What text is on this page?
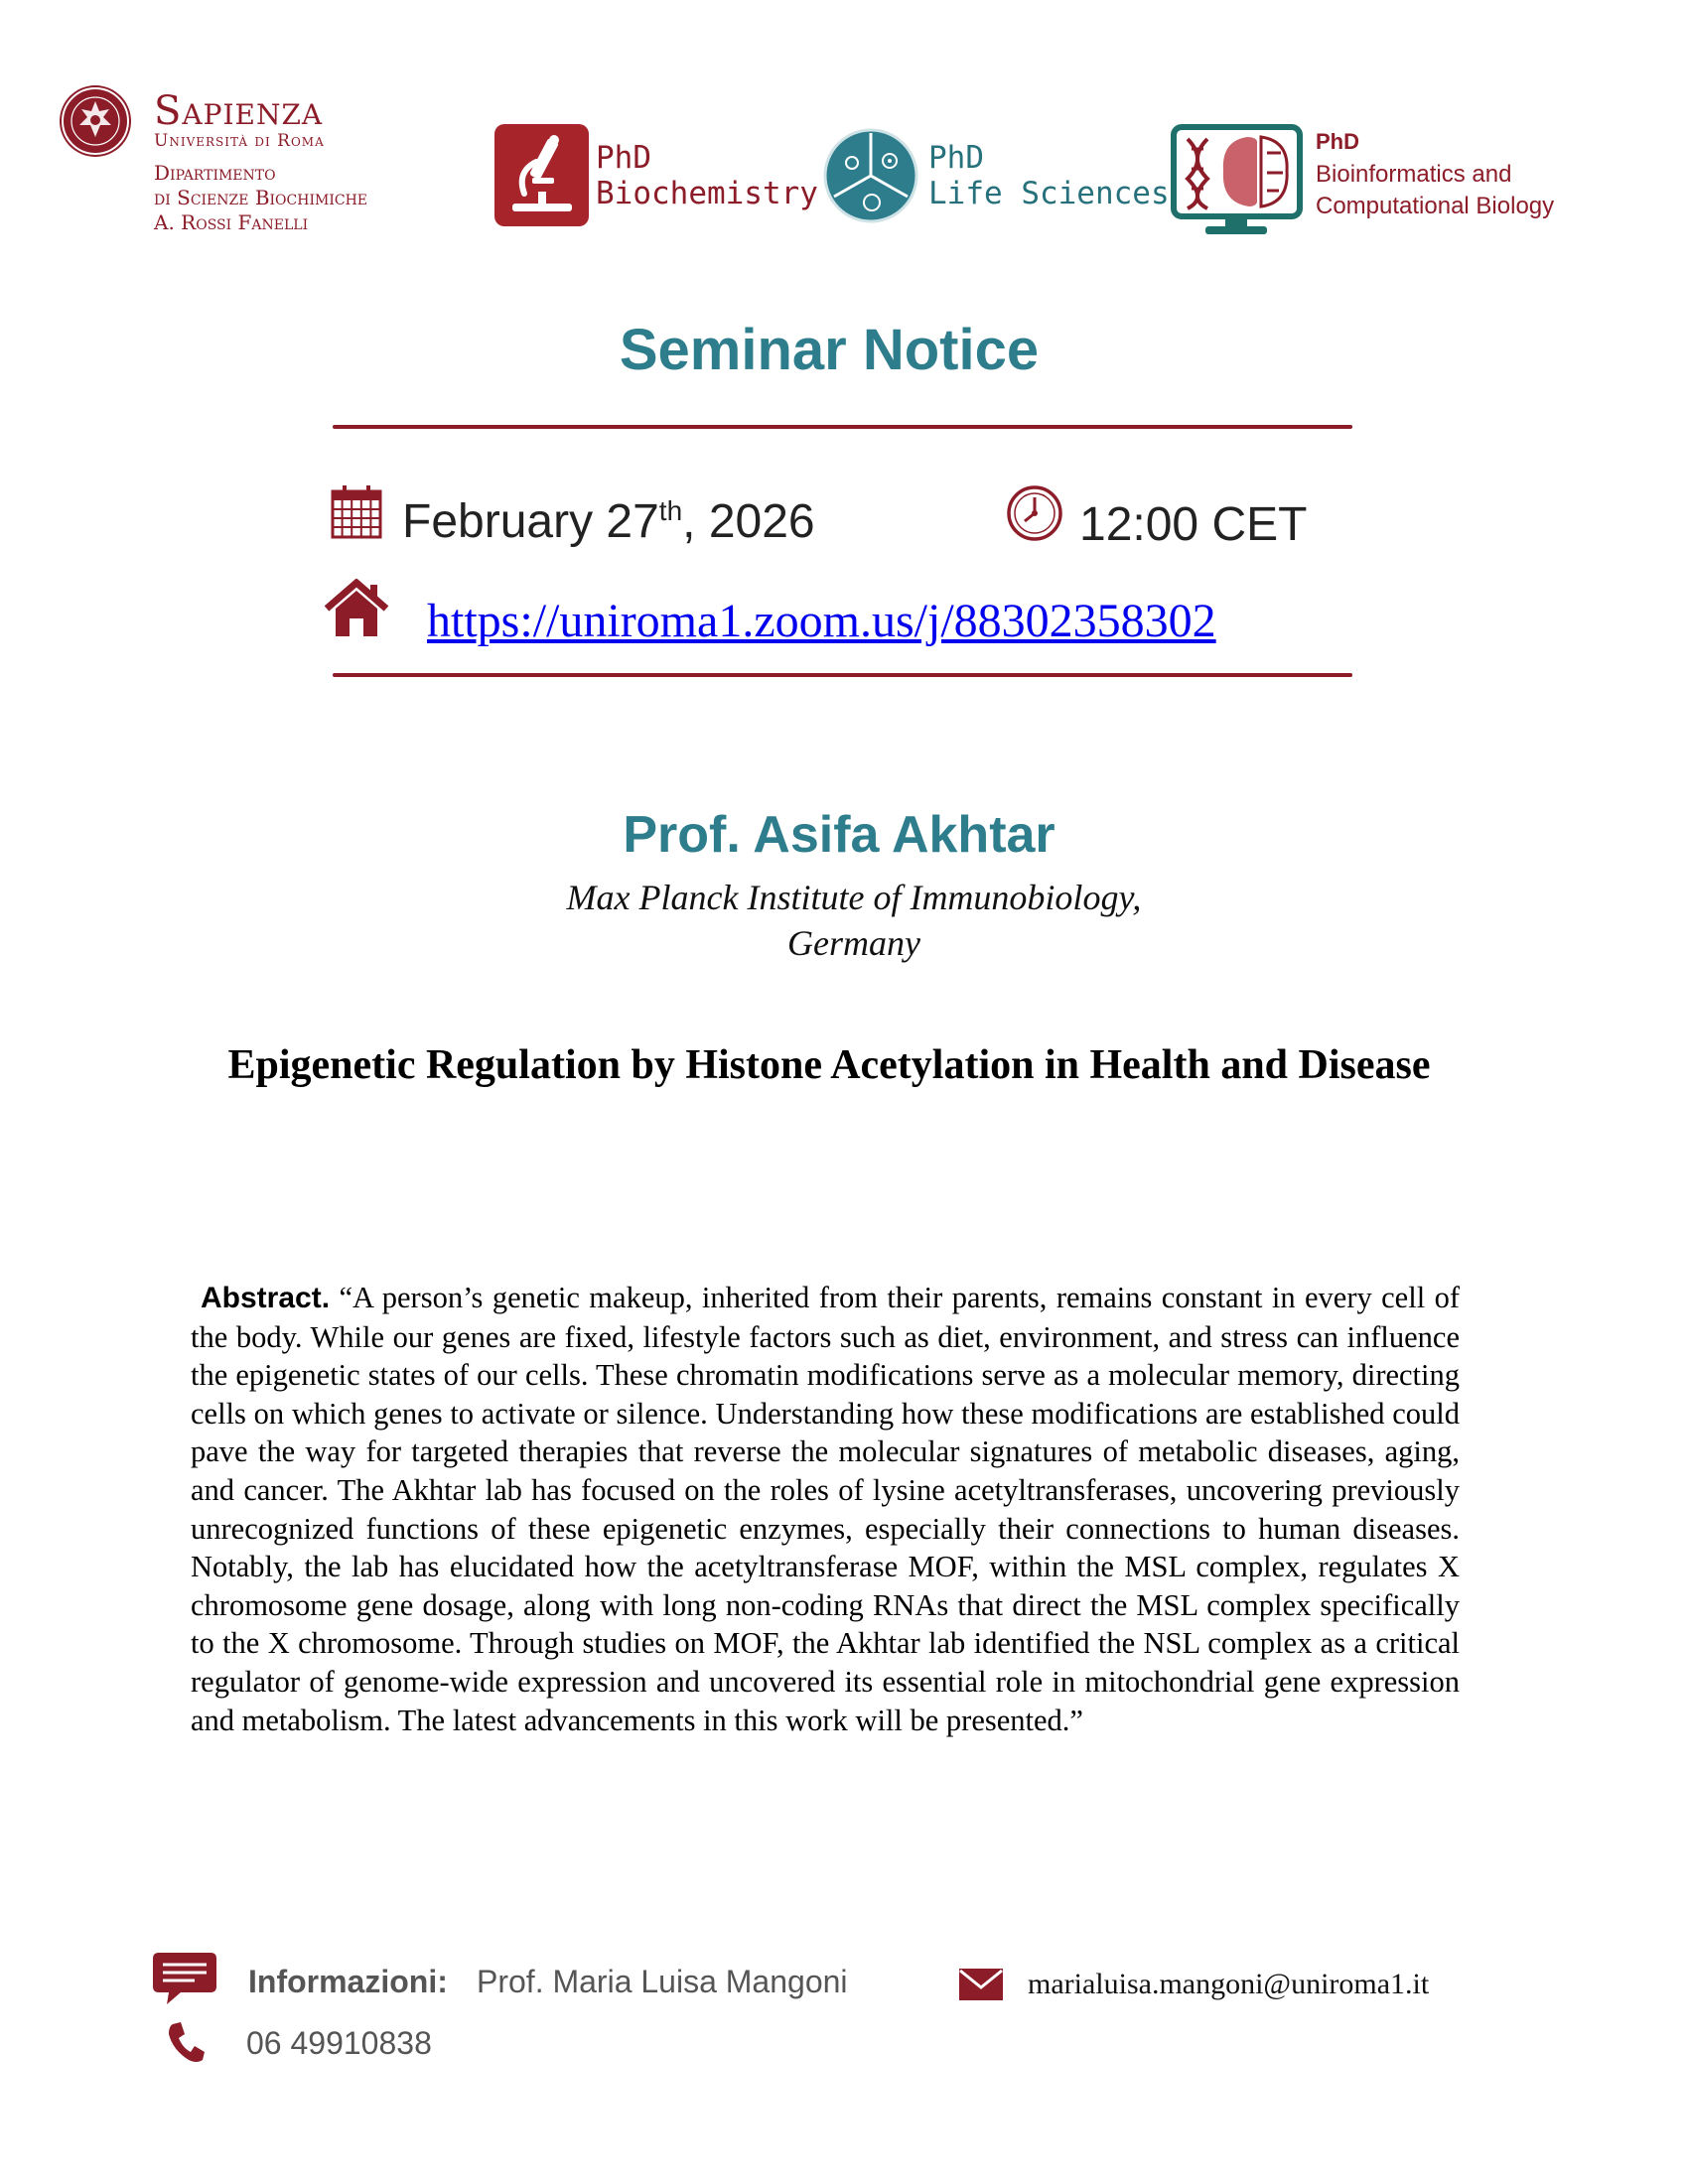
Sapienza
Università di Roma
Dipartimento
di Scienze Biochimiche
A. Rossi Fanelli
PhD
Biochemistry
PhD
Life Sciences
PhD
Bioinformatics and
Computational Biology
Seminar Notice
February 27th, 2026	12:00 CET
https://uniroma1.zoom.us/j/88302358302
Prof. Asifa Akhtar
Max Planck Institute of Immunobiology,
Germany
Epigenetic Regulation by Histone Acetylation in Health and Disease
Abstract. “A person’s genetic makeup, inherited from their parents, remains constant in every cell of the body. While our genes are fixed, lifestyle factors such as diet, environment, and stress can influence the epigenetic states of our cells. These chromatin modifications serve as a molecular memory, directing cells on which genes to activate or silence. Understanding how these modifications are established could pave the way for targeted therapies that reverse the molecular signatures of metabolic diseases, aging, and cancer. The Akhtar lab has focused on the roles of lysine acetyltransferases, uncovering previously unrecognized functions of these epigenetic enzymes, especially their connections to human diseases. Notably, the lab has elucidated how the acetyltransferase MOF, within the MSL complex, regulates X chromosome gene dosage, along with long non-coding RNAs that direct the MSL complex specifically to the X chromosome. Through studies on MOF, the Akhtar lab identified the NSL complex as a critical regulator of genome-wide expression and uncovered its essential role in mitochondrial gene expression and metabolism. The latest advancements in this work will be presented.”
Informazioni: Prof. Maria Luisa Mangoni
06 49910838
marialuisa.mangoni@uniroma1.it
